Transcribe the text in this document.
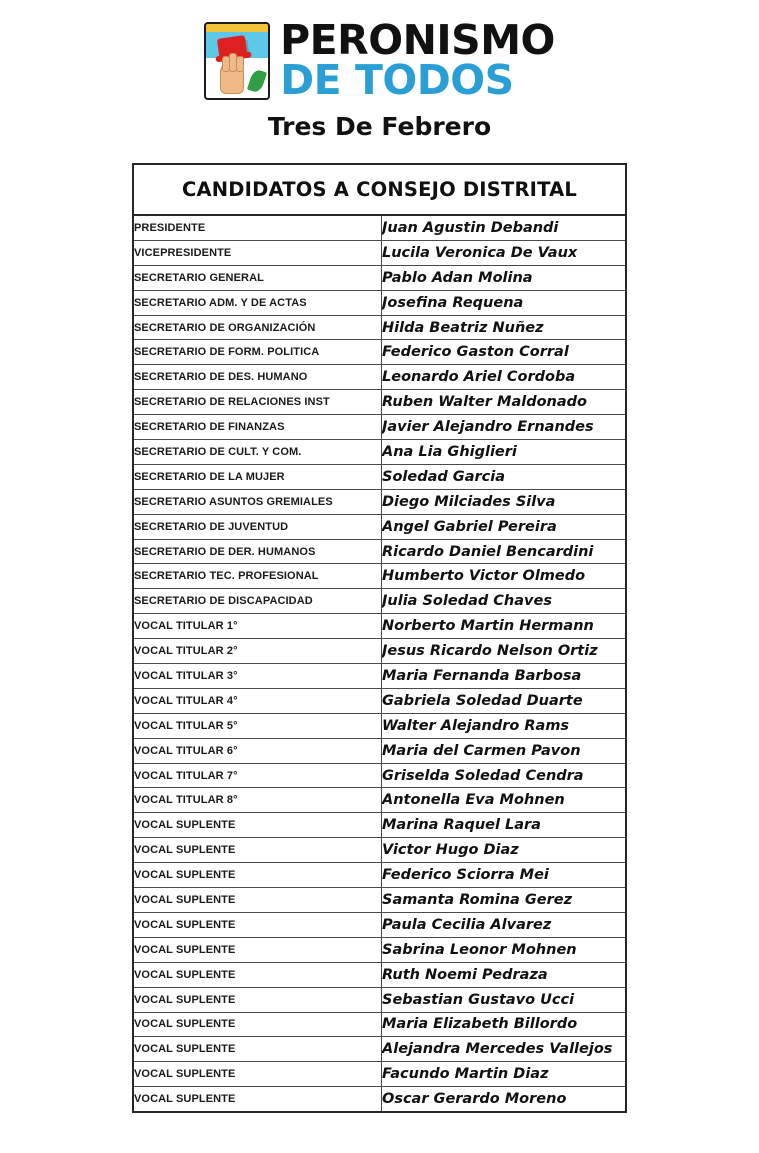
PERONISMO
DE TODOS
Tres De Febrero
CANDIDATOS A CONSEJO DISTRITAL
PRESIDENTE	Juan Agustin Debandi
VICEPRESIDENTE	Lucila Veronica De Vaux
SECRETARIO GENERAL	Pablo Adan Molina
SECRETARIO ADM. Y DE ACTAS	Josefina Requena
SECRETARIO DE ORGANIZACIÓN	Hilda Beatriz Nuñez
SECRETARIO DE FORM. POLITICA	Federico Gaston Corral
SECRETARIO DE DES. HUMANO	Leonardo Ariel Cordoba
SECRETARIO DE RELACIONES INST	Ruben Walter Maldonado
SECRETARIO DE FINANZAS	Javier Alejandro Ernandes
SECRETARIO DE CULT. Y COM.	Ana Lia Ghiglieri
SECRETARIO DE LA MUJER	Soledad Garcia
SECRETARIO ASUNTOS GREMIALES	Diego Milciades Silva
SECRETARIO DE JUVENTUD	Angel Gabriel Pereira
SECRETARIO DE DER. HUMANOS	Ricardo Daniel Bencardini
SECRETARIO TEC. PROFESIONAL	Humberto Victor Olmedo
SECRETARIO DE DISCAPACIDAD	Julia Soledad Chaves
VOCAL TITULAR 1°	Norberto Martin Hermann
VOCAL TITULAR 2°	Jesus Ricardo Nelson Ortiz
VOCAL TITULAR 3°	Maria Fernanda Barbosa
VOCAL TITULAR 4°	Gabriela Soledad Duarte
VOCAL TITULAR 5°	Walter Alejandro Rams
VOCAL TITULAR 6°	Maria del Carmen Pavon
VOCAL TITULAR 7°	Griselda Soledad Cendra
VOCAL TITULAR 8°	Antonella Eva Mohnen
VOCAL SUPLENTE	Marina Raquel Lara
VOCAL SUPLENTE	Victor Hugo Diaz
VOCAL SUPLENTE	Federico Sciorra Mei
VOCAL SUPLENTE	Samanta Romina Gerez
VOCAL SUPLENTE	Paula Cecilia Alvarez
VOCAL SUPLENTE	Sabrina Leonor Mohnen
VOCAL SUPLENTE	Ruth Noemi Pedraza
VOCAL SUPLENTE	Sebastian Gustavo Ucci
VOCAL SUPLENTE	Maria Elizabeth Billordo
VOCAL SUPLENTE	Alejandra Mercedes Vallejos
VOCAL SUPLENTE	Facundo Martin Diaz
VOCAL SUPLENTE	Oscar Gerardo Moreno
